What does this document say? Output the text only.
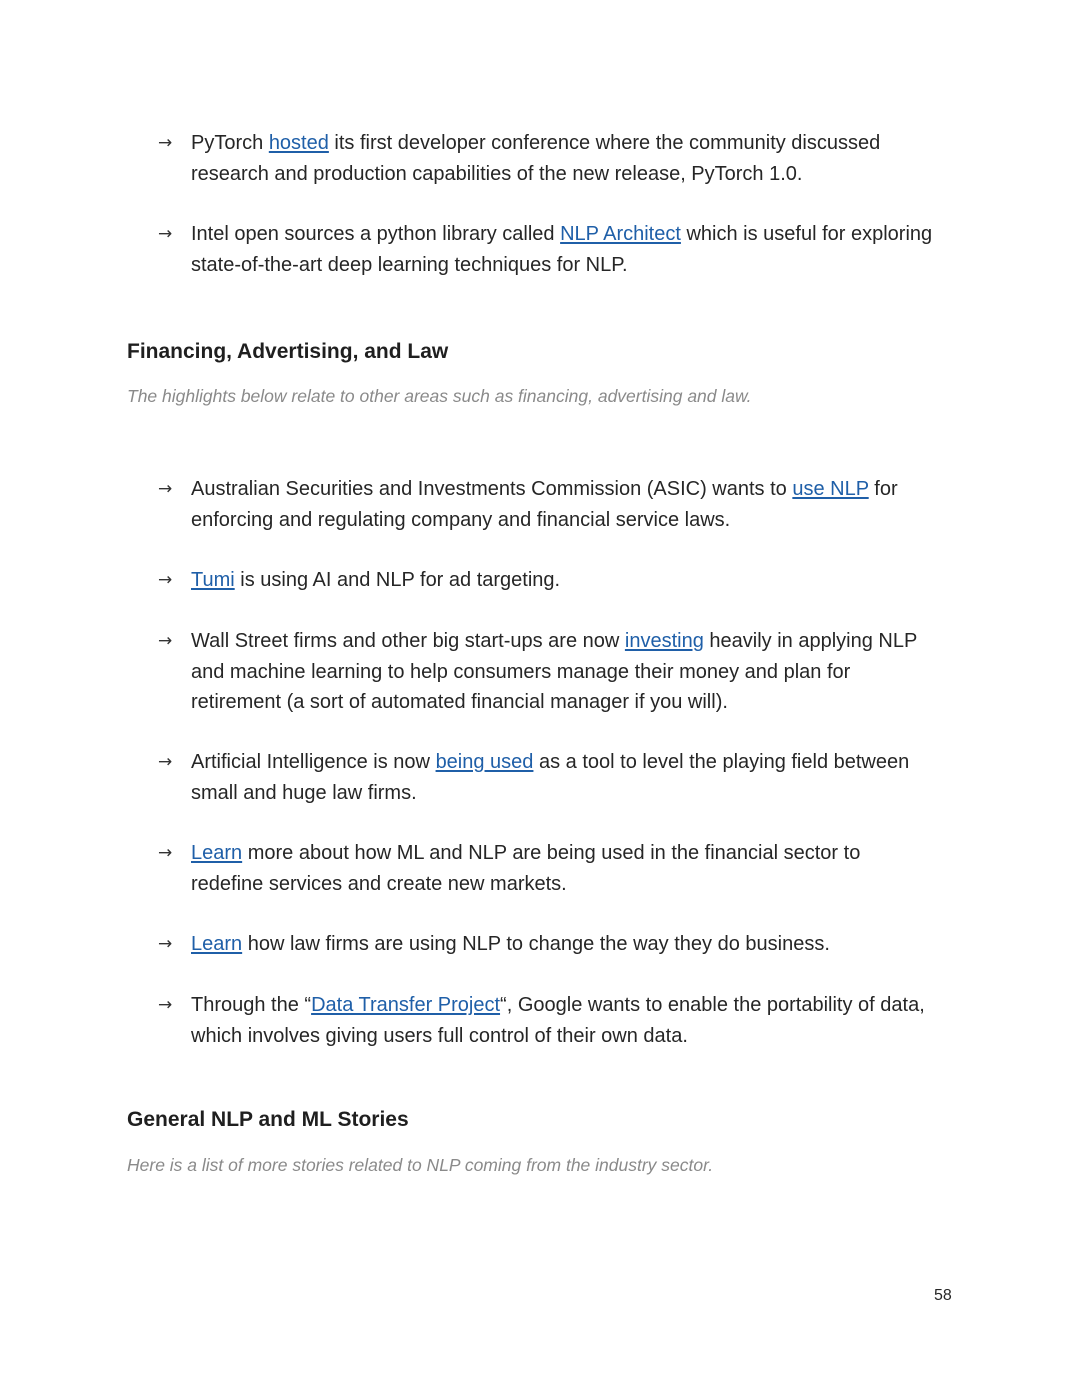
→ PyTorch hosted its first developer conference where the community discussed research and production capabilities of the new release, PyTorch 1.0.
→ Intel open sources a python library called NLP Architect which is useful for exploring state-of-the-art deep learning techniques for NLP.
Financing, Advertising, and Law
The highlights below relate to other areas such as financing, advertising and law.
→ Australian Securities and Investments Commission (ASIC) wants to use NLP for enforcing and regulating company and financial service laws.
→ Tumi is using AI and NLP for ad targeting.
→ Wall Street firms and other big start-ups are now investing heavily in applying NLP and machine learning to help consumers manage their money and plan for retirement (a sort of automated financial manager if you will).
→ Artificial Intelligence is now being used as a tool to level the playing field between small and huge law firms.
→ Learn more about how ML and NLP are being used in the financial sector to redefine services and create new markets.
→ Learn how law firms are using NLP to change the way they do business.
→ Through the “Data Transfer Project“, Google wants to enable the portability of data, which involves giving users full control of their own data.
General NLP and ML Stories
Here is a list of more stories related to NLP coming from the industry sector.
58
